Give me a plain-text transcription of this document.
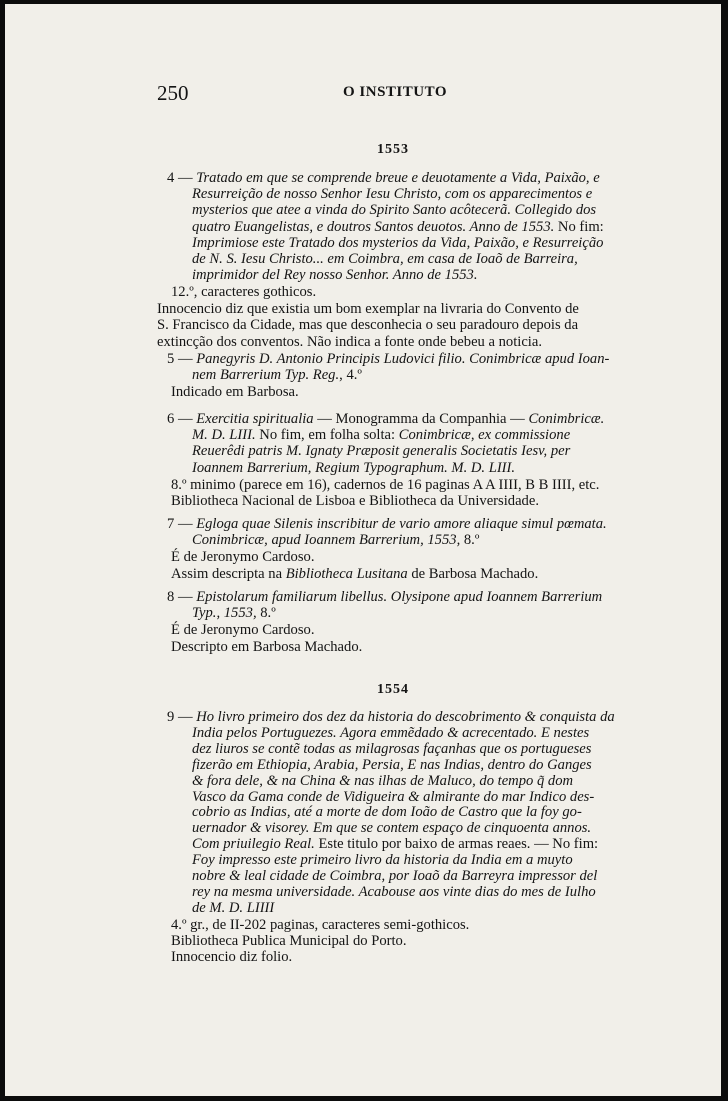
250	O INSTITUTO
1553
1554
4 — Tratado em que se comprende breue e deuotamente a Vida, Paixão, e
Resurreição de nosso Senhor Iesu Christo, com os apparecimentos e
mysterios que atee a vinda do Spirito Santo acôtecerã. Collegido dos
quatro Euangelistas, e doutros Santos deuotos. Anno de 1553. No fim:
Imprimiose este Tratado dos mysterios da Vida, Paixão, e Resurreição
de N. S. Iesu Christo... em Coimbra, em casa de Ioaõ de Barreira,
imprimidor del Rey nosso Senhor. Anno de 1553.
12.º, caracteres gothicos.
Innocencio diz que existia um bom exemplar na livraria do Convento de
S. Francisco da Cidade, mas que desconhecia o seu paradouro depois da
extincção dos conventos. Não indica a fonte onde bebeu a noticia.
5 — Panegyris D. Antonio Principis Ludovici filio. Conimbricæ apud Ioan-
nem Barrerium Typ. Reg., 4.º
Indicado em Barbosa.
6 — Exercitia spiritualia — Monogramma da Companhia — Conimbricæ.
M. D. LIII. No fim, em folha solta: Conimbricæ, ex commissione
Reuerêdi patris M. Ignaty Præposit generalis Societatis Iesv, per
Ioannem Barrerium, Regium Typographum. M. D. LIII.
8.º minimo (parece em 16), cadernos de 16 paginas A A IIII, B B IIII, etc.
Bibliotheca Nacional de Lisboa e Bibliotheca da Universidade.
7 — Egloga quae Silenis inscribitur de vario amore aliaque simul pœmata.
Conimbricæ, apud Ioannem Barrerium, 1553, 8.º
É de Jeronymo Cardoso.
Assim descripta na Bibliotheca Lusitana de Barbosa Machado.
8 — Epistolarum familiarum libellus. Olysipone apud Ioannem Barrerium
Typ., 1553, 8.º
É de Jeronymo Cardoso.
Descripto em Barbosa Machado.
9 — Ho livro primeiro dos dez da historia do descobrimento & conquista da
India pelos Portuguezes. Agora emmẽdado & acrecentado. E nestes
dez liuros se contẽ todas as milagrosas façanhas que os portugueses
fizerão em Ethiopia, Arabia, Persia, E nas Indias, dentro do Ganges
& fora dele, & na China & nas ilhas de Maluco, do tempo q̃ dom
Vasco da Gama conde de Vidigueira & almirante do mar Indico des-
cobrio as Indias, até a morte de dom Ioão de Castro que la foy go-
uernador & visorey. Em que se contem espaço de cinquoenta annos.
Com priuilegio Real. Este titulo por baixo de armas reaes. — No fim:
Foy impresso este primeiro livro da historia da India em a muyto
nobre & leal cidade de Coimbra, por Ioaõ da Barreyra impressor del
rey na mesma universidade. Acabouse aos vinte dias do mes de Iulho
de M. D. LIIII
4.º gr., de II-202 paginas, caracteres semi-gothicos.
Bibliotheca Publica Municipal do Porto.
Innocencio diz folio.
